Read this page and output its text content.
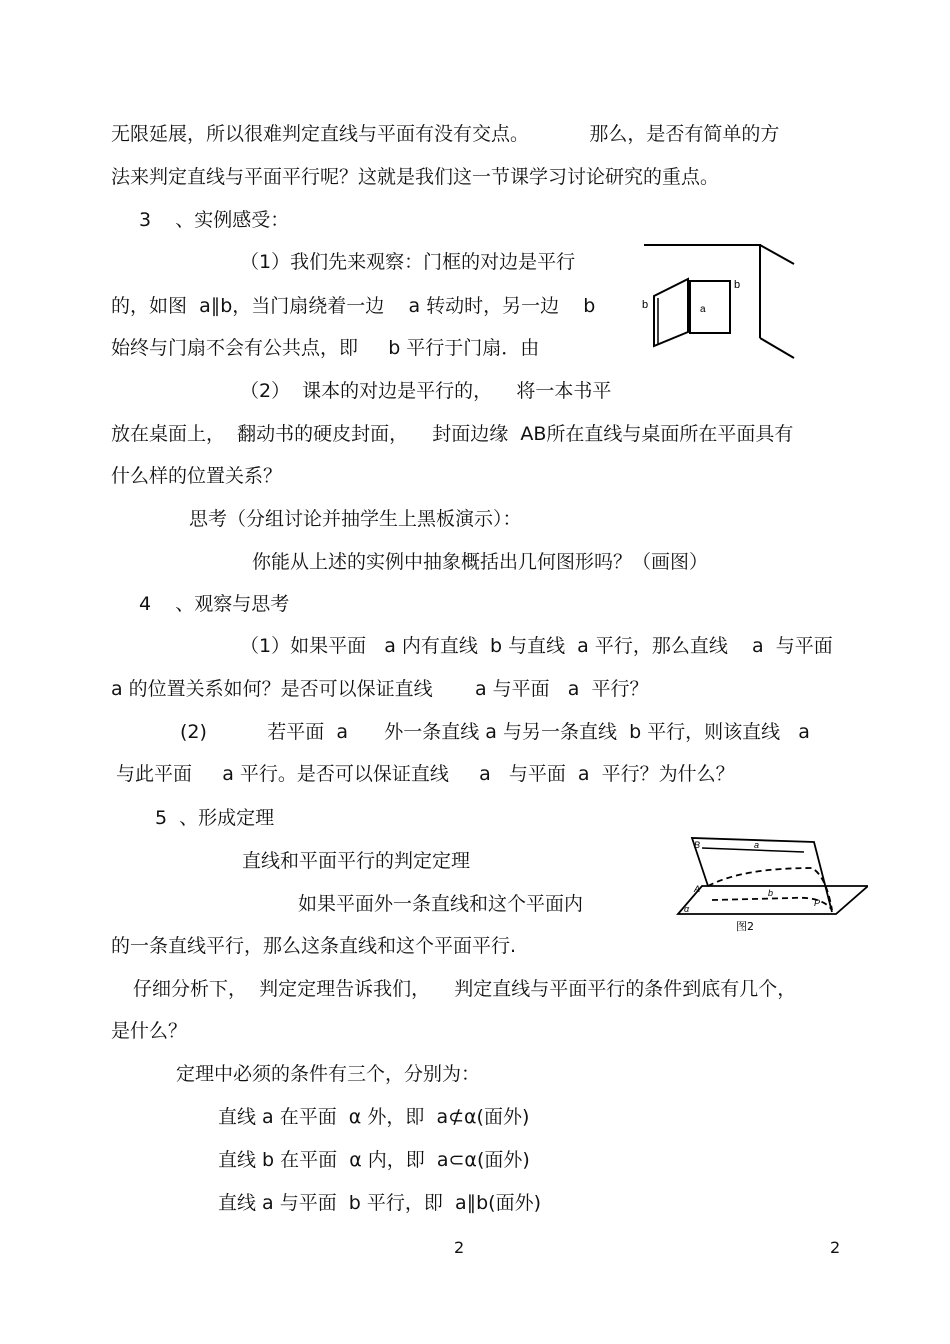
无限延展，所以很难判定直线与平面有没有交点。          那么，是否有简单的方
法来判定直线与平面平行呢？这就是我们这一节课学习讨论研究的重点。
3    、实例感受：
（1）我们先来观察：门框的对边是平行
的，如图  a∥b，当门扇绕着一边    a 转动时，另一边    b
始终与门扇不会有公共点，即     b 平行于门扇．由
（2）  课本的对边是平行的，    将一本书平
放在桌面上，  翻动书的硬皮封面，    封面边缘  AB所在直线与桌面所在平面具有
什么样的位置关系？
思考（分组讨论并抽学生上黑板演示）：
你能从上述的实例中抽象概括出几何图形吗？（画图）
4    、观察与思考
（1）如果平面   a 内有直线  b 与直线  a 平行，那么直线    a  与平面
a 的位置关系如何？是否可以保证直线       a 与平面   a  平行？
(2)          若平面  a      外一条直线 a 与另一条直线  b 平行，则该直线   a
与此平面     a 平行。是否可以保证直线     a   与平面  a  平行？为什么？
5  、形成定理
直线和平面平行的判定定理
如果平面外一条直线和这个平面内
的一条直线平行，那么这条直线和这个平面平行.
仔细分析下，  判定定理告诉我们，    判定直线与平面平行的条件到底有几个，
是什么？
定理中必须的条件有三个，分别为：
直线 a 在平面  α 外，即  a⊄α(面外)
直线 b 在平面  α 内，即  a⊂α(面外)
直线 a 与平面  b 平行，即  a∥b(面外)
a
b
b
B	a
b
A
α
P
图2
2	2
